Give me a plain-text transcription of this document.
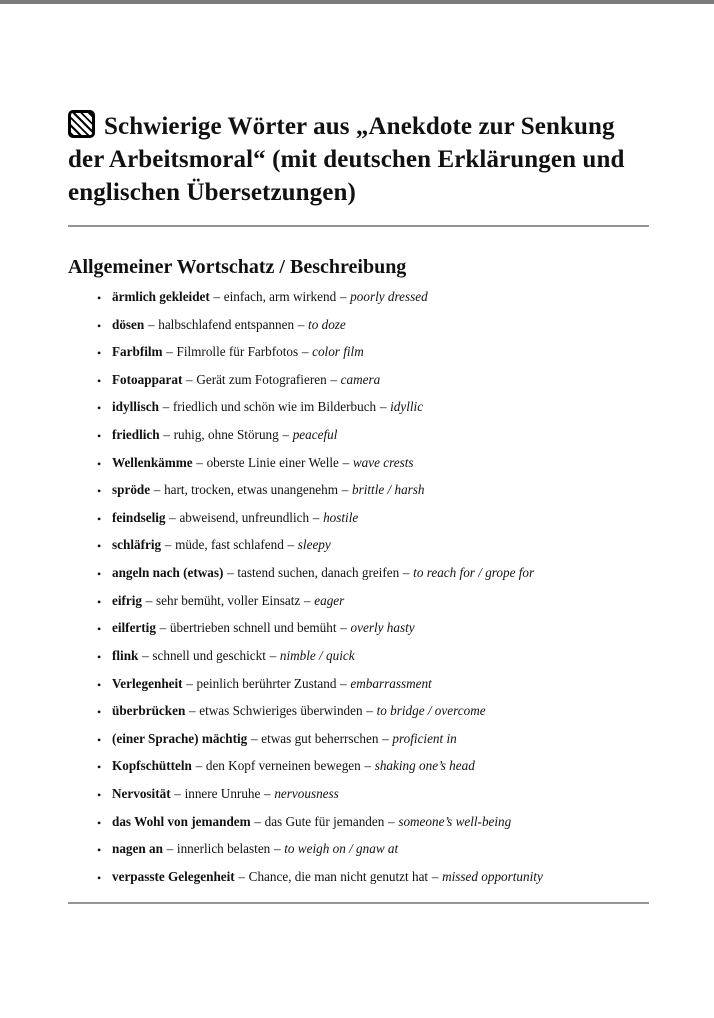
Schwierige Wörter aus „Anekdote zur Senkung der Arbeitsmoral“ (mit deutschen Erklärungen und englischen Übersetzungen)
Allgemeiner Wortschatz / Beschreibung
• ärmlich gekleidet – einfach, arm wirkend – poorly dressed
• dösen – halbschlafend entspannen – to doze
• Farbfilm – Filmrolle für Farbfotos – color film
• Fotoapparat – Gerät zum Fotografieren – camera
• idyllisch – friedlich und schön wie im Bilderbuch – idyllic
• friedlich – ruhig, ohne Störung – peaceful
• Wellenkämme – oberste Linie einer Welle – wave crests
• spröde – hart, trocken, etwas unangenehm – brittle / harsh
• feindselig – abweisend, unfreundlich – hostile
• schläfrig – müde, fast schlafend – sleepy
• angeln nach (etwas) – tastend suchen, danach greifen – to reach for / grope for
• eifrig – sehr bemüht, voller Einsatz – eager
• eilfertig – übertrieben schnell und bemüht – overly hasty
• flink – schnell und geschickt – nimble / quick
• Verlegenheit – peinlich berührter Zustand – embarrassment
• überbrücken – etwas Schwieriges überwinden – to bridge / overcome
• (einer Sprache) mächtig – etwas gut beherrschen – proficient in
• Kopfschütteln – den Kopf verneinen bewegen – shaking one’s head
• Nervosität – innere Unruhe – nervousness
• das Wohl von jemandem – das Gute für jemanden – someone’s well-being
• nagen an – innerlich belasten – to weigh on / gnaw at
• verpasste Gelegenheit – Chance, die man nicht genutzt hat – missed opportunity
